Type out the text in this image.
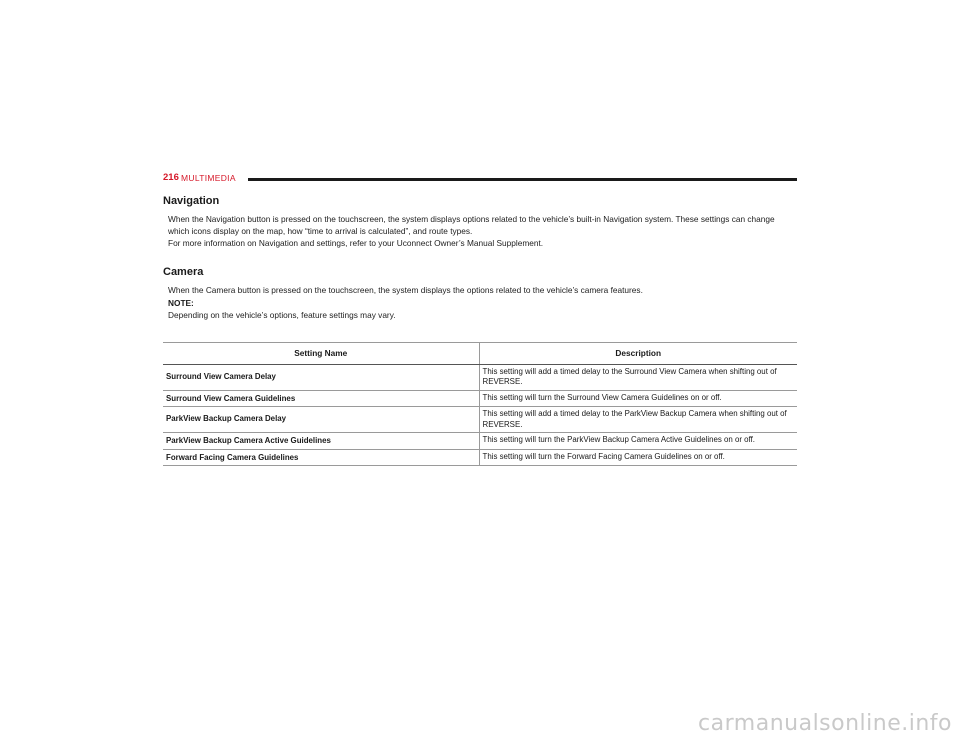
216 MULTIMEDIA
Navigation
When the Navigation button is pressed on the touchscreen, the system displays options related to the vehicle’s built-in Navigation system. These settings can change which icons display on the map, how “time to arrival is calculated”, and route types.
For more information on Navigation and settings, refer to your Uconnect Owner’s Manual Supplement.
Camera
When the Camera button is pressed on the touchscreen, the system displays the options related to the vehicle’s camera features.
NOTE:
Depending on the vehicle’s options, feature settings may vary.
Setting Name	Description
Surround View Camera Delay	This setting will add a timed delay to the Surround View Camera when shifting out of REVERSE.
Surround View Camera Guidelines	This setting will turn the Surround View Camera Guidelines on or off.
ParkView Backup Camera Delay	This setting will add a timed delay to the ParkView Backup Camera when shifting out of REVERSE.
ParkView Backup Camera Active Guidelines	This setting will turn the ParkView Backup Camera Active Guidelines on or off.
Forward Facing Camera Guidelines	This setting will turn the Forward Facing Camera Guidelines on or off.
carmanualsonline.info
